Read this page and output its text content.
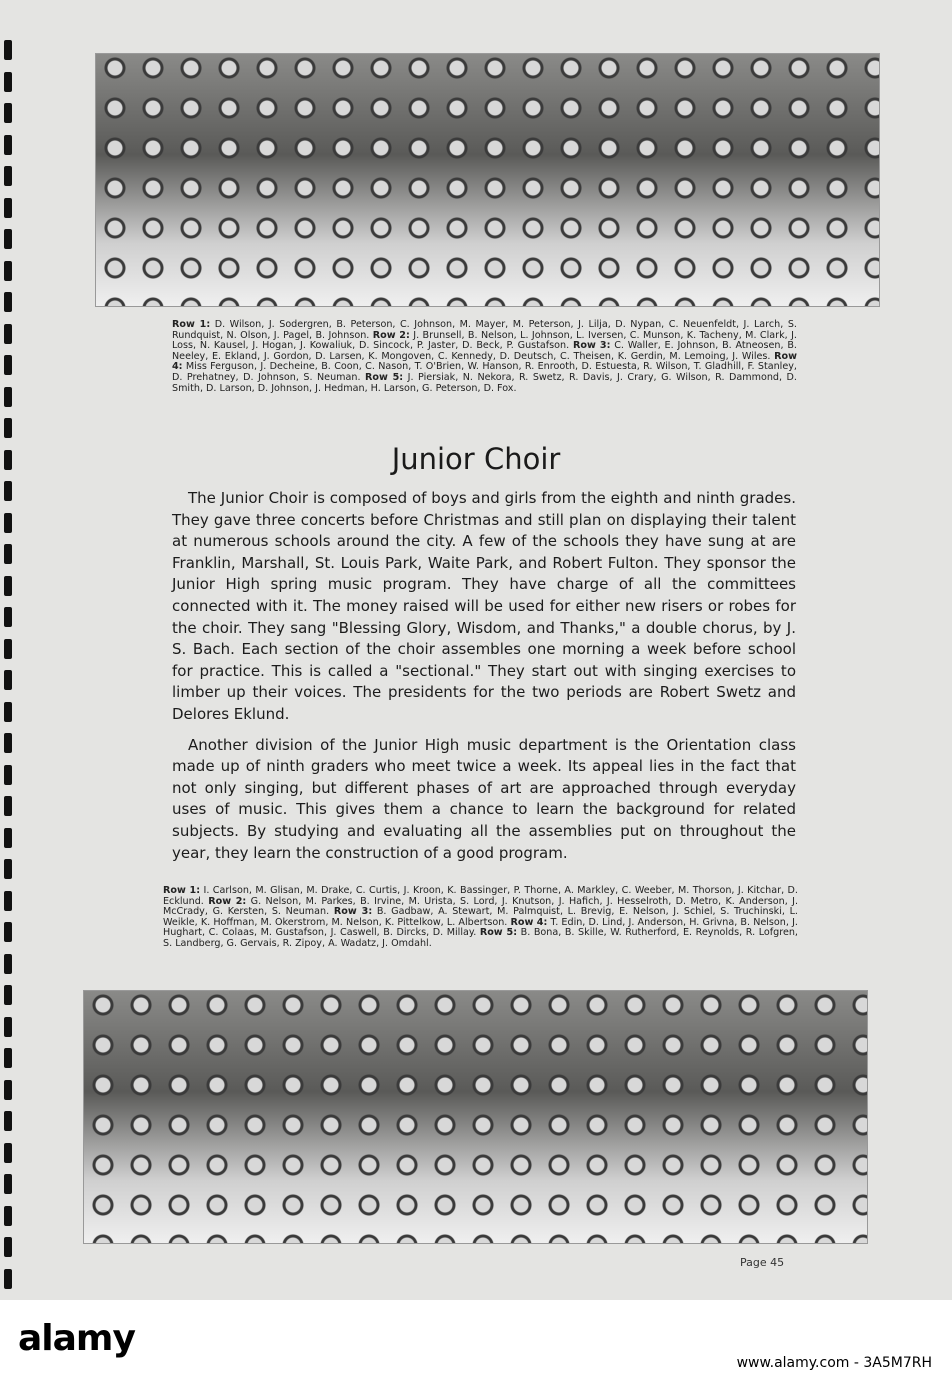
Row 1: D. Wilson, J. Sodergren, B. Peterson, C. Johnson, M. Mayer, M. Peterson, J. Lilja, D. Nypan, C. Neuenfeldt, J. Larch, S. Rundquist, N. Olson, J. Pagel, B. Johnson. Row 2: J. Brunsell, B. Nelson, L. Johnson, L. Iversen, C. Munson, K. Tacheny, M. Clark, J. Loss, N. Kausel, J. Hogan, J. Kowaliuk, D. Sincock, P. Jaster, D. Beck, P. Gustafson. Row 3: C. Waller, E. Johnson, B. Atneosen, B. Neeley, E. Ekland, J. Gordon, D. Larsen, K. Mongoven, C. Kennedy, D. Deutsch, C. Theisen, K. Gerdin, M. Lemoing, J. Wiles. Row 4: Miss Ferguson, J. Decheine, B. Coon, C. Nason, T. O'Brien, W. Hanson, R. Enrooth, D. Estuesta, R. Wilson, T. Gladhill, F. Stanley, D. Prehatney, D. Johnson, S. Neuman. Row 5: J. Piersiak, N. Nekora, R. Swetz, R. Davis, J. Crary, G. Wilson, R. Dammond, D. Smith, D. Larson, D. Johnson, J. Hedman, H. Larson, G. Peterson, D. Fox.
Junior Choir

The Junior Choir is composed of boys and girls from the eighth and ninth grades. They gave three concerts before Christmas and still plan on displaying their talent at numerous schools around the city. A few of the schools they have sung at are Franklin, Marshall, St. Louis Park, Waite Park, and Robert Fulton. They sponsor the Junior High spring music program. They have charge of all the committees connected with it. The money raised will be used for either new risers or robes for the choir. They sang "Blessing Glory, Wisdom, and Thanks," a double chorus, by J. S. Bach. Each section of the choir assembles one morning a week before school for practice. This is called a "sectional." They start out with singing exercises to limber up their voices. The presidents for the two periods are Robert Swetz and Delores Eklund.

Another division of the Junior High music department is the Orientation class made up of ninth graders who meet twice a week. Its appeal lies in the fact that not only singing, but different phases of art are approached through everyday uses of music. This gives them a chance to learn the background for related subjects. By studying and evaluating all the assemblies put on throughout the year, they learn the construction of a good program.

Row 1: I. Carlson, M. Glisan, M. Drake, C. Curtis, J. Kroon, K. Bassinger, P. Thorne, A. Markley, C. Weeber, M. Thorson, J. Kitchar, D. Ecklund. Row 2: G. Nelson, M. Parkes, B. Irvine, M. Urista, S. Lord, J. Knutson, J. Hafich, J. Hesselroth, D. Metro, K. Anderson, J. McCrady, G. Kersten, S. Neuman. Row 3: B. Gadbaw, A. Stewart, M. Palmquist, L. Brevig, E. Nelson, J. Schiel, S. Truchinski, L. Weikle, K. Hoffman, M. Okerstrom, M. Nelson, K. Pittelkow, L. Albertson. Row 4: T. Edin, D. Lind, J. Anderson, H. Grivna, B. Nelson, J. Hughart, C. Colaas, M. Gustafson, J. Caswell, B. Dircks, D. Millay. Row 5: B. Bona, B. Skille, W. Rutherford, E. Reynolds, R. Lofgren, S. Landberg, G. Gervais, R. Zipoy, A. Wadatz, J. Omdahl.
Page 45
alamy
www.alamy.com - 3A5M7RH
